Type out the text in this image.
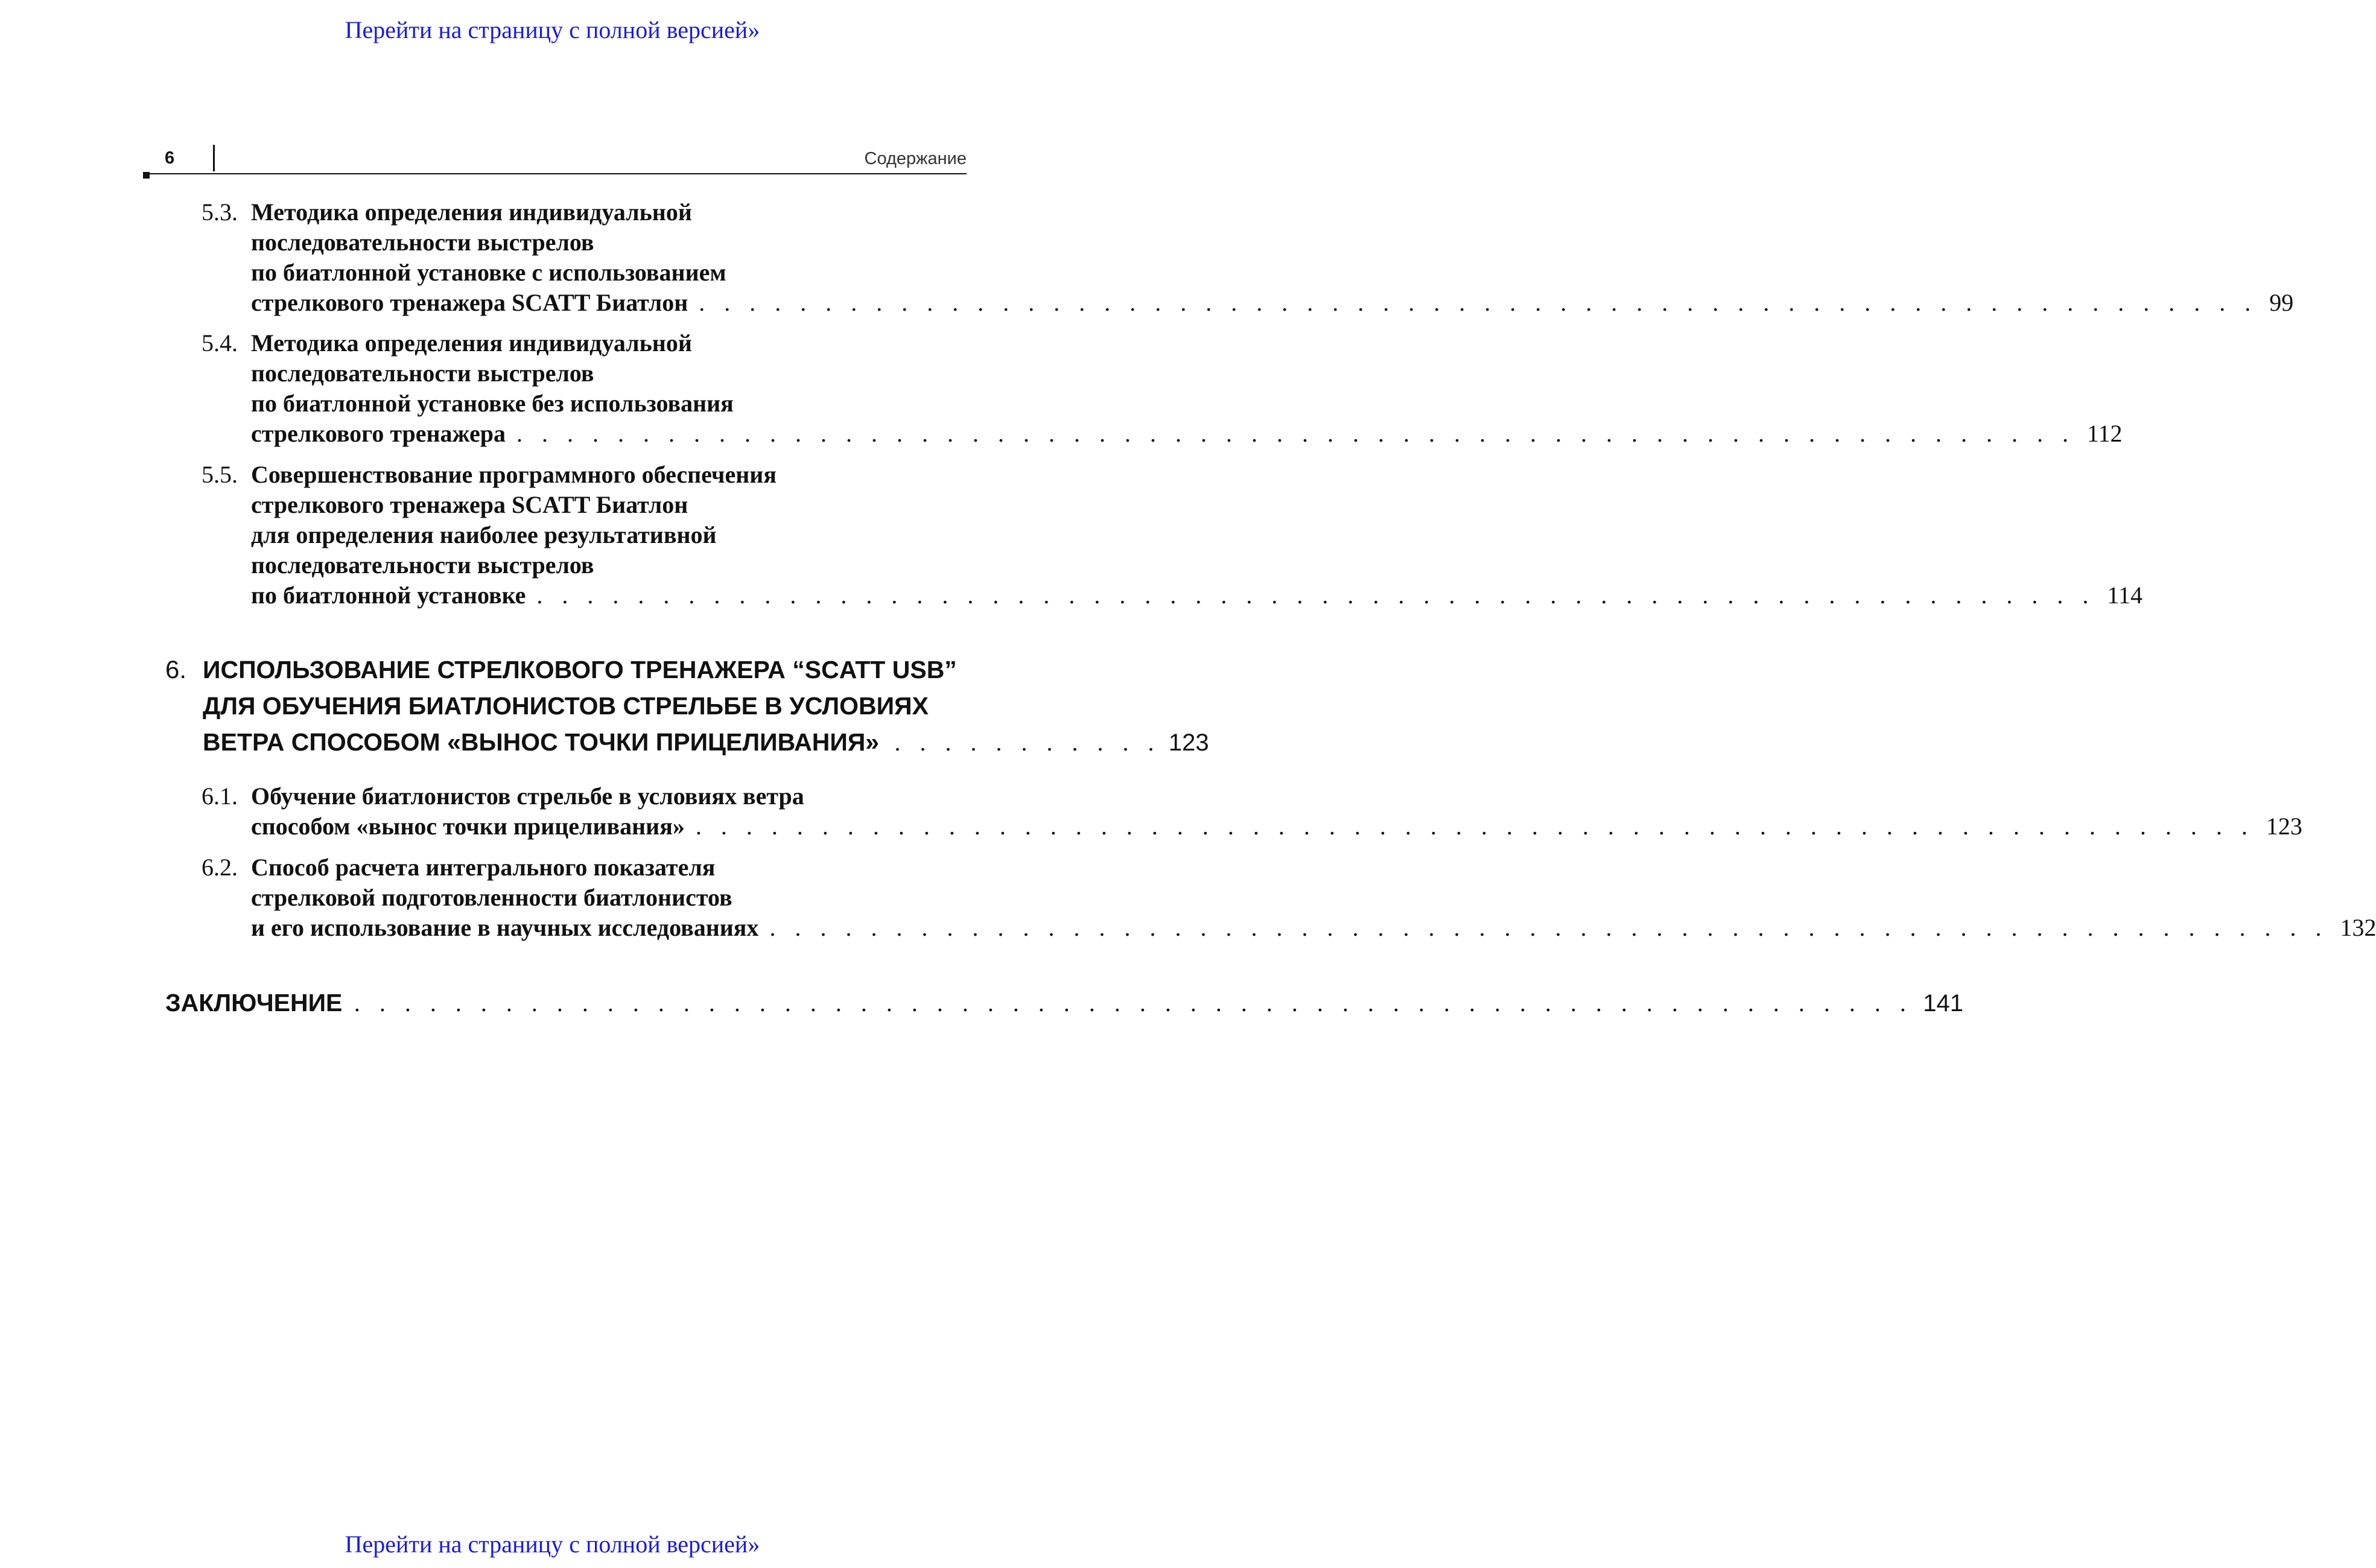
Перейти на страницу с полной версией»
6	Содержание
5.3. Методика определения индивидуальной
последовательности выстрелов
по биатлонной установке с использованием
стрелкового тренажера SCATT Биатлон . . . . . . . . . . . . . . . . . . . . . . . . . . . . . . . . . . . . . . . . . . . . . . . . . . . . . . . . . . . . . . 99
5.4. Методика определения индивидуальной
последовательности выстрелов
по биатлонной установке без использования
стрелкового тренажера . . . . . . . . . . . . . . . . . . . . . . . . . . . . . . . . . . . . . . . . . . . . . . . . . . . . . . . . . . . . . . 112
5.5. Совершенствование программного обеспечения
стрелкового тренажера SCATT Биатлон
для определения наиболее результативной
последовательности выстрелов
по биатлонной установке . . . . . . . . . . . . . . . . . . . . . . . . . . . . . . . . . . . . . . . . . . . . . . . . . . . . . . . . . . . . . . 114
6. ИСПОЛЬЗОВАНИЕ СТРЕЛКОВОГО ТРЕНАЖЕРА “SCATT USB”
ДЛЯ ОБУЧЕНИЯ БИАТЛОНИСТОВ СТРЕЛЬБЕ В УСЛОВИЯХ
ВЕТРА СПОСОБОМ «ВЫНОС ТОЧКИ ПРИЦЕЛИВАНИЯ» . . . . . . . . . . . 123
6.1. Обучение биатлонистов стрельбе в условиях ветра
способом «вынос точки прицеливания» . . . . . . . . . . . . . . . . . . . . . . . . . . . . . . . . . . . . . . . . . . . . . . . . . . . . . . . . . . . . . . 123
6.2. Способ расчета интегрального показателя
стрелковой подготовленности биатлонистов
и его использование в научных исследованиях . . . . . . . . . . . . . . . . . . . . . . . . . . . . . . . . . . . . . . . . . . . . . . . . . . . . . . . . . . . . . . 132
ЗАКЛЮЧЕНИЕ . . . . . . . . . . . . . . . . . . . . . . . . . . . . . . . . . . . . . . . . . . . . . . . . . . . . . . . . . . . . . . 141
Перейти на страницу с полной версией»
